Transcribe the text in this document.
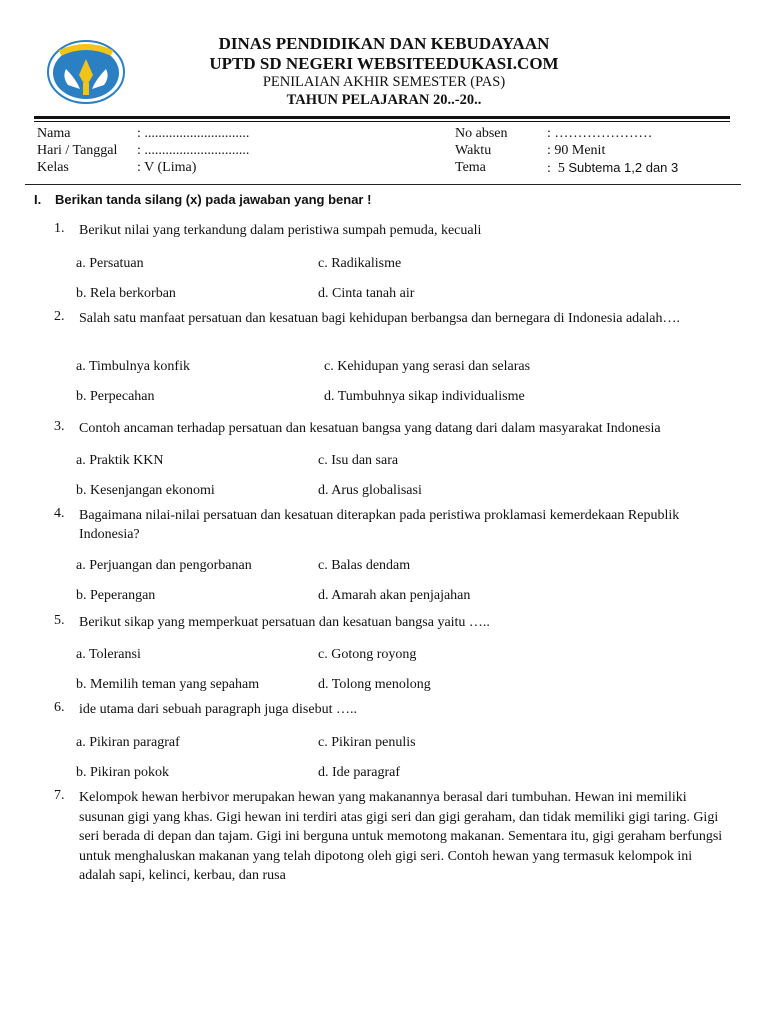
DINAS PENDIDIKAN DAN KEBUDAYAAN
UPTD SD NEGERI WEBSITEEDUKASI.COM
PENILAIAN AKHIR SEMESTER (PAS)
TAHUN PELAJARAN 20..-20..
Nama	: ..............................
Hari / Tanggal : ..............................
Kelas	: V (Lima)
No absen	: …………………
Waktu	: 90 Menit
Tema	:  5 Subtema 1,2 dan 3
I. Berikan tanda silang (x) pada jawaban yang benar !
1. Berikut nilai yang terkandung dalam peristiwa sumpah pemuda, kecuali
a. Persatuan	c. Radikalisme
b. Rela berkorban	d. Cinta tanah air
2. Salah satu manfaat persatuan dan kesatuan bagi kehidupan berbangsa dan bernegara di Indonesia adalah….
a. Timbulnya konfik	c. Kehidupan yang serasi dan selaras
b. Perpecahan	d. Tumbuhnya sikap individualisme
3. Contoh ancaman terhadap persatuan dan kesatuan bangsa yang datang dari dalam masyarakat Indonesia
a. Praktik KKN	c. Isu dan sara
b. Kesenjangan ekonomi	d. Arus globalisasi
4. Bagaimana nilai-nilai persatuan dan kesatuan diterapkan pada peristiwa proklamasi kemerdekaan Republik Indonesia?
a. Perjuangan dan pengorbanan	c. Balas dendam
b. Peperangan	d. Amarah akan penjajahan
5. Berikut sikap yang memperkuat persatuan dan kesatuan bangsa yaitu …..
a. Toleransi	c. Gotong royong
b. Memilih teman yang sepaham	d. Tolong menolong
6. ide utama dari sebuah paragraph juga disebut …..
a. Pikiran paragraf	c. Pikiran penulis
b. Pikiran pokok	d. Ide paragraf
7. Kelompok hewan herbivor merupakan hewan yang makanannya berasal dari tumbuhan. Hewan ini memiliki susunan gigi yang khas. Gigi hewan ini terdiri atas gigi seri dan gigi geraham, dan tidak memiliki gigi taring. Gigi seri berada di depan dan tajam. Gigi ini berguna untuk memotong makanan. Sementara itu, gigi geraham berfungsi untuk menghaluskan makanan yang telah dipotong oleh gigi seri. Contoh hewan yang termasuk kelompok ini adalah sapi, kelinci, kerbau, dan rusa
